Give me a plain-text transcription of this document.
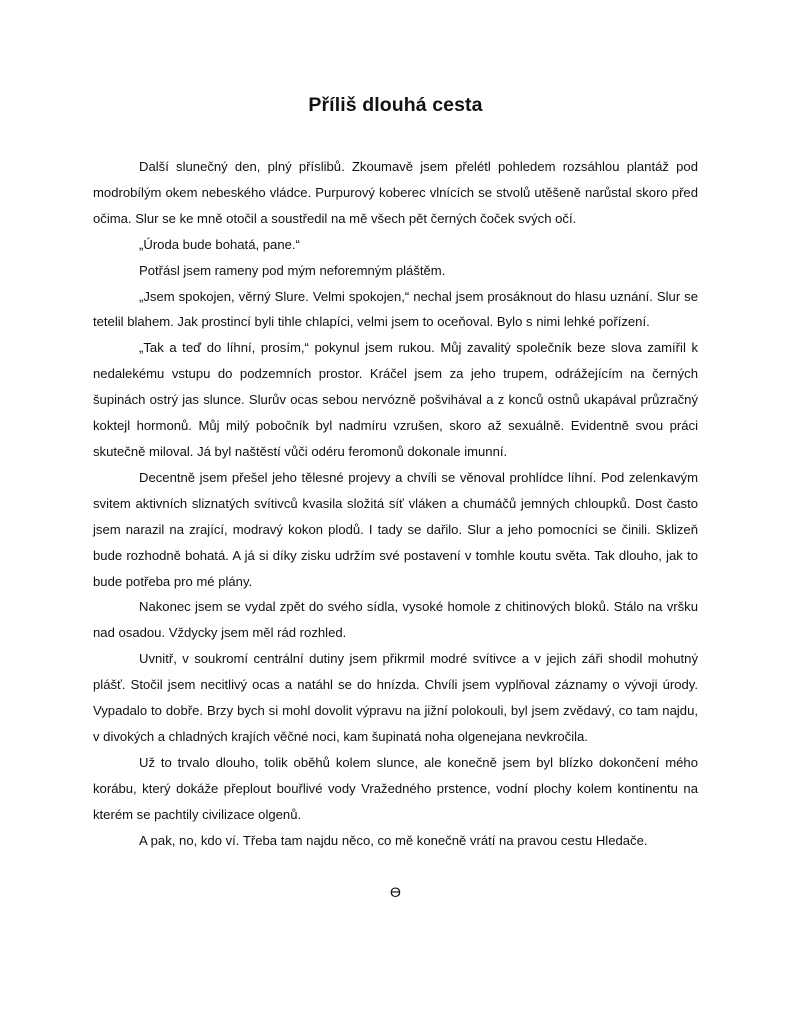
Příliš dlouhá cesta

Další slunečný den, plný příslibů. Zkoumavě jsem přelétl pohledem rozsáhlou plantáž pod modrobílým okem nebeského vládce. Purpurový koberec vlnících se stvolů utěšeně narůstal skoro před očima. Slur se ke mně otočil a soustředil na mě všech pět černých čoček svých očí.

„Úroda bude bohatá, pane.“

Potřásl jsem rameny pod mým neforemným pláštěm.

„Jsem spokojen, věrný Slure. Velmi spokojen,“ nechal jsem prosáknout do hlasu uznání. Slur se tetelil blahem. Jak prostincí byli tihle chlapíci, velmi jsem to oceňoval. Bylo s nimi lehké pořízení.

„Tak a teď do líhní, prosím,“ pokynul jsem rukou. Můj zavalitý společník beze slova zamířil k nedalekému vstupu do podzemních prostor. Kráčel jsem za jeho trupem, odrážejícím na černých šupinách ostrý jas slunce. Slurův ocas sebou nervózně pošvihával a z konců ostnů ukapával průzračný koktejl hormonů. Můj milý pobočník byl nadmíru vzrušen, skoro až sexuálně. Evidentně svou práci skutečně miloval. Já byl naštěstí vůči odéru feromonů dokonale imunní.

Decentně jsem přešel jeho tělesné projevy a chvíli se věnoval prohlídce líhní. Pod zelenkavým svitem aktivních sliznatých svítivců kvasila složitá síť vláken a chumáčů jemných chloupků. Dost často jsem narazil na zrající, modravý kokon plodů. I tady se dařilo. Slur a jeho pomocníci se činili. Sklizeň bude rozhodně bohatá. A já si díky zisku udržím své postavení v tomhle koutu světa. Tak dlouho, jak to bude potřeba pro mé plány.

Nakonec jsem se vydal zpět do svého sídla, vysoké homole z chitinových bloků. Stálo na vršku nad osadou. Vždycky jsem měl rád rozhled.

Uvnitř, v soukromí centrální dutiny jsem přikrmil modré svítivce a v jejich záři shodil mohutný plášť. Stočil jsem necitlivý ocas a natáhl se do hnízda. Chvíli jsem vyplňoval záznamy o vývoji úrody. Vypadalo to dobře. Brzy bych si mohl dovolit výpravu na jižní polokouli, byl jsem zvědavý, co tam najdu, v divokých a chladných krajích věčné noci, kam šupinatá noha olgenejana nevkročila.

Už to trvalo dlouho, tolik oběhů kolem slunce, ale konečně jsem byl blízko dokončení mého korábu, který dokáže přeplout bouřlivé vody Vražedného prstence, vodní plochy kolem kontinentu na kterém se pachtily civilizace olgenů.

A pak, no, kdo ví. Třeba tam najdu něco, co mě konečně vrátí na pravou cestu Hledače.

ϴ
